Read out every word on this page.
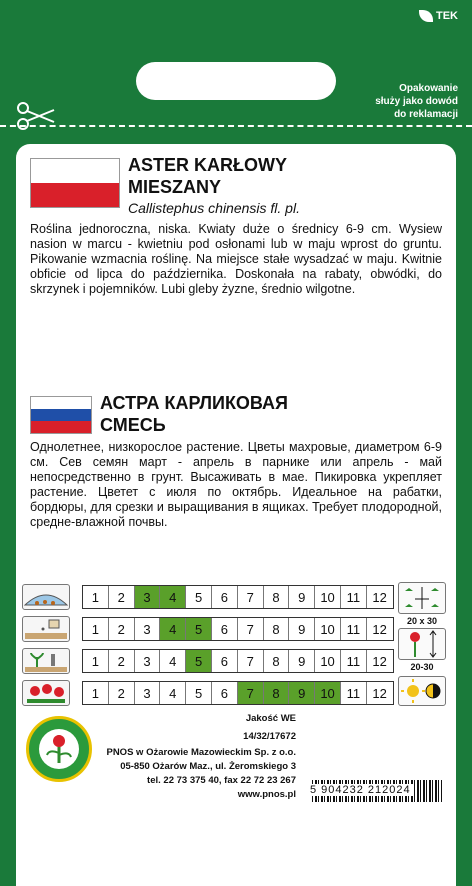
TEK
Opakowanie
służy jako dowód
do reklamacji
ASTER KARŁOWY
MIESZANY
Callistephus chinensis fl. pl.
Roślina jednoroczna, niska. Kwiaty duże o średnicy 6-9 cm. Wysiew nasion w marcu - kwietniu pod osłonami lub w maju wprost do gruntu. Pikowanie wzmacnia roślinę. Na miejsce stałe wysadzać w maju. Kwitnie obficie od lipca do października. Doskonała na rabaty, obwódki, do skrzynek i pojemników. Lubi gleby żyzne, średnio wilgotne.
АСТРА КАРЛИКОВАЯ
СМЕСЬ
Однолетнее, низкорослое растение. Цветы махровые, диаметром 6-9 см. Сев семян март - апрель в парнике или апрель - май непосредственно в грунт. Высаживать в мае. Пикировка укрепляет растение. Цветет с июля по октябрь. Идеальное на рабатки, бордюры, для срезки и выращивания в ящиках. Требует плодородной, средне-влажной почвы.
1	2	3	4	5	6	7	8	9	10 11 12
1	2	3	4	5	6	7	8	9	10 11 12
1	2	3	4	5	6	7	8	9	10 11 12
1	2	3	4	5	6	7	8	9	10 11 12
20 x 30
20-30
Jakość WE
14/32/17672
PNOS w Ożarowie Mazowieckim Sp. z o.o.
05-850 Ożarów Maz., ul. Żeromskiego 3
tel. 22 73 375 40, fax 22 72 23 267
www.pnos.pl 5 904232 212024
